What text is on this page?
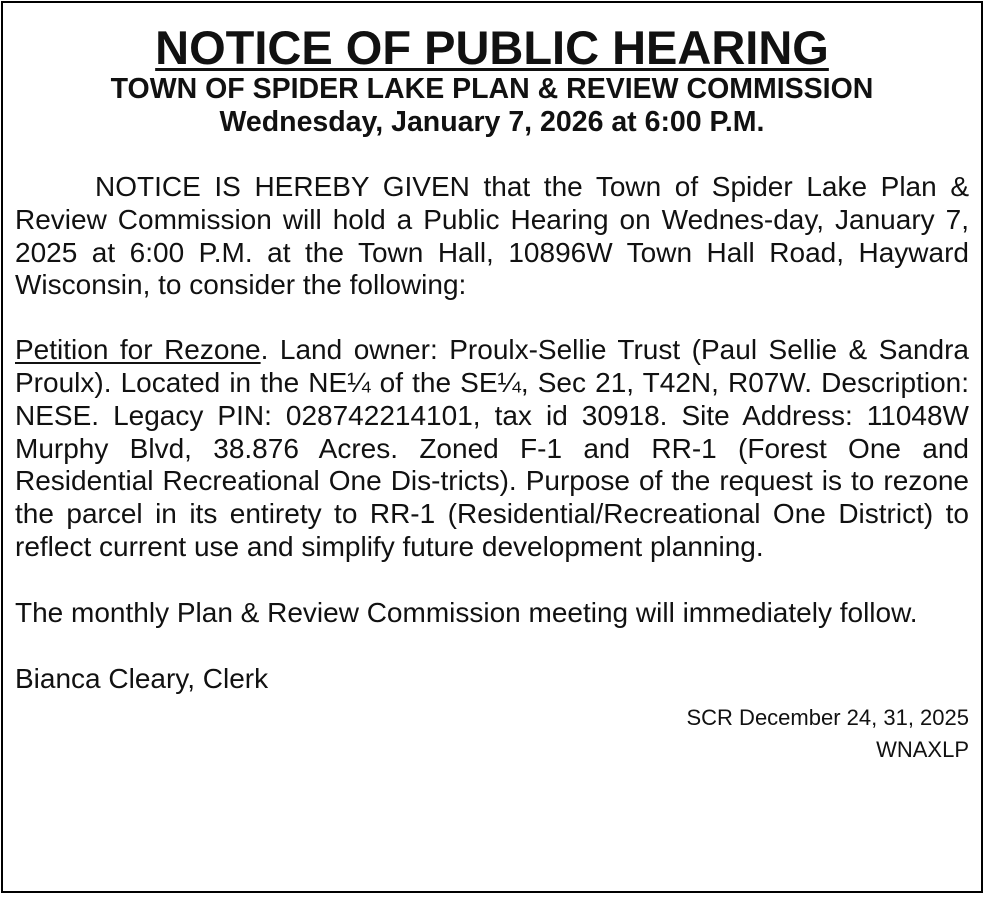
NOTICE OF PUBLIC HEARING
TOWN OF SPIDER LAKE PLAN & REVIEW COMMISSION
Wednesday, January 7, 2026 at 6:00 P.M.

NOTICE IS HEREBY GIVEN that the Town of Spider Lake Plan & Review Commission will hold a Public Hearing on Wednes-day, January 7, 2025 at 6:00 P.M. at the Town Hall, 10896W Town Hall Road, Hayward Wisconsin, to consider the following:

Petition for Rezone. Land owner: Proulx-Sellie Trust (Paul Sellie & Sandra Proulx). Located in the NE¼ of the SE¼, Sec 21, T42N, R07W. Description: NESE. Legacy PIN: 028742214101, tax id 30918. Site Address: 11048W Murphy Blvd, 38.876 Acres. Zoned F-1 and RR-1 (Forest One and Residential Recreational One Dis-tricts). Purpose of the request is to rezone the parcel in its entirety to RR-1 (Residential/Recreational One District) to reflect current use and simplify future development planning.

The monthly Plan & Review Commission meeting will immediately follow.

Bianca Cleary, Clerk

SCR December 24, 31, 2025
WNAXLP
